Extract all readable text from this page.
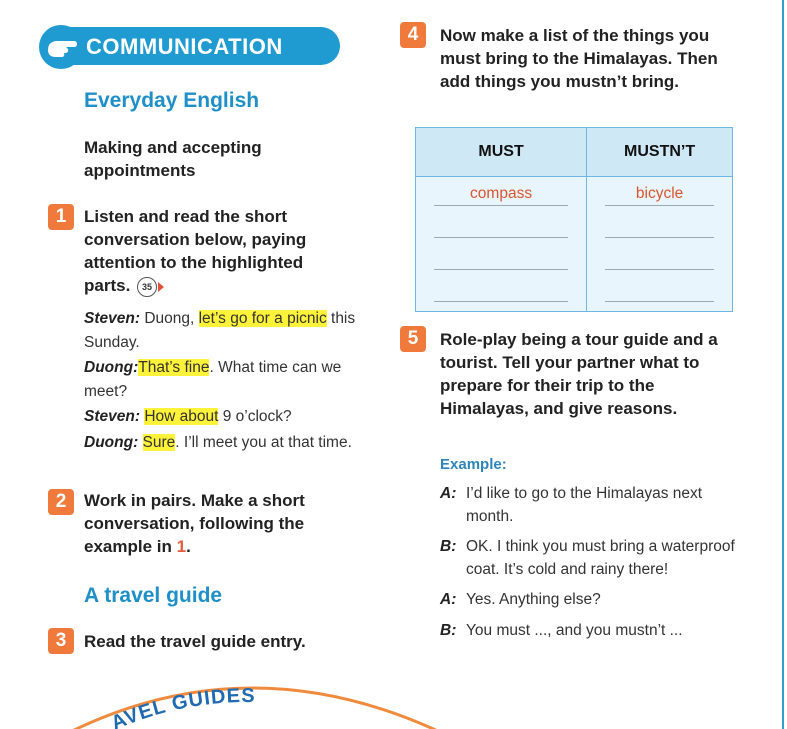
COMMUNICATION
Everyday English
Making and accepting appointments
1	Listen and read the short conversation below, paying attention to the highlighted parts. 35
Steven: Duong, let’s go for a picnic this Sunday.
Duong:That’s fine. What time can we meet?
Steven: How about 9 o’clock?
Duong: Sure. I’ll meet you at that time.
2	Work in pairs. Make a short conversation, following the example in 1.
A travel guide
3	Read the travel guide entry.
AVEL GUIDES
4	Now make a list of the things you must bring to the Himalayas. Then add things you mustn’t bring.
MUST	MUSTN’T

compass	bicycle

5	Role-play being a tour guide and a tourist. Tell your partner what to prepare for their trip to the Himalayas, and give reasons.
Example:
A: I’d like to go to the Himalayas next month.
B: OK. I think you must bring a waterproof coat. It’s cold and rainy there!
A: Yes. Anything else?
B: You must ..., and you mustn’t ...
